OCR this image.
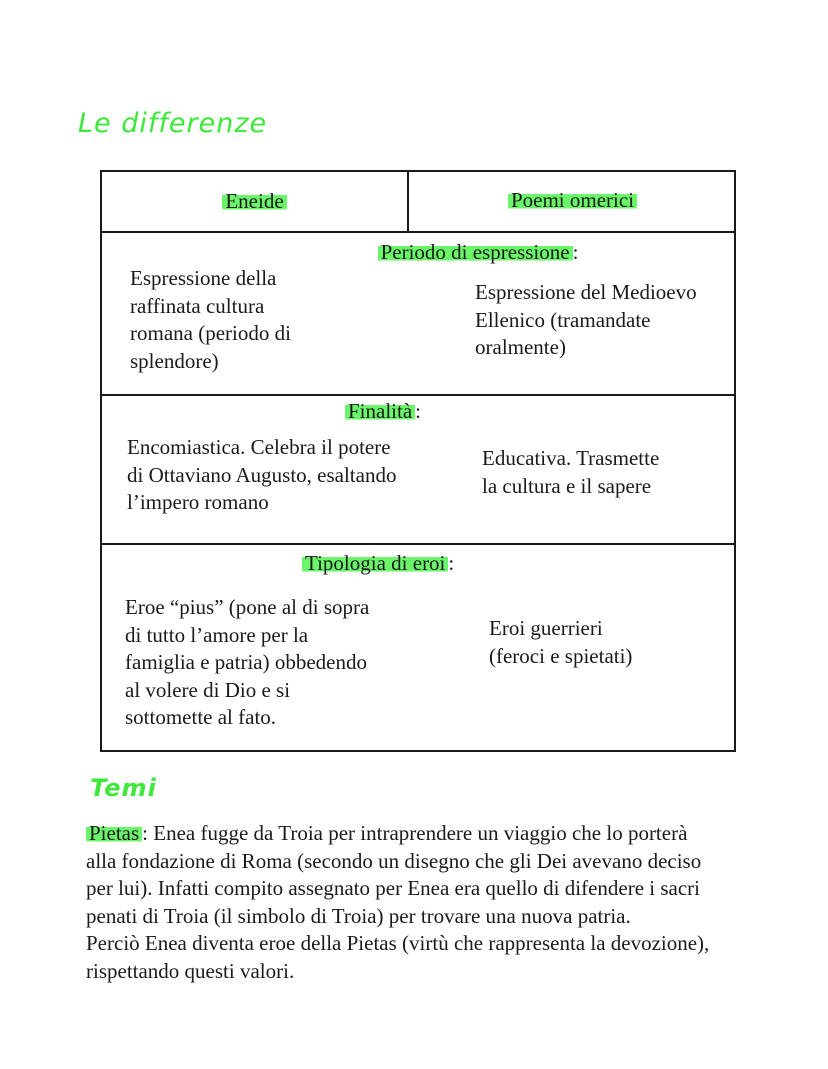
Le differenze
Eneide	Poemi omerici
Periodo di espressione :
Espressione della
raffinata cultura
romana (periodo di
splendore)
Espressione del Medioevo
Ellenico (tramandate
oralmente)
Finalità :
Encomiastica. Celebra il potere
di Ottaviano Augusto, esaltando
l’impero romano
Educativa. Trasmette
la cultura e il sapere
Tipologia di eroi :
Eroe “pius” (pone al di sopra
di tutto l’amore per la
famiglia e patria) obbedendo
al volere di Dio e si
sottomette al fato.
Eroi guerrieri
(feroci e spietati)
Temi

Pietas : Enea fugge da Troia per intraprendere un viaggio che lo porterà
alla fondazione di Roma (secondo un disegno che gli Dei avevano deciso
per lui). Infatti compito assegnato per Enea era quello di difendere i sacri
penati di Troia (il simbolo di Troia) per trovare una nuova patria.

Perciò Enea diventa eroe della Pietas (virtù che rappresenta la devozione),
rispettando questi valori.
